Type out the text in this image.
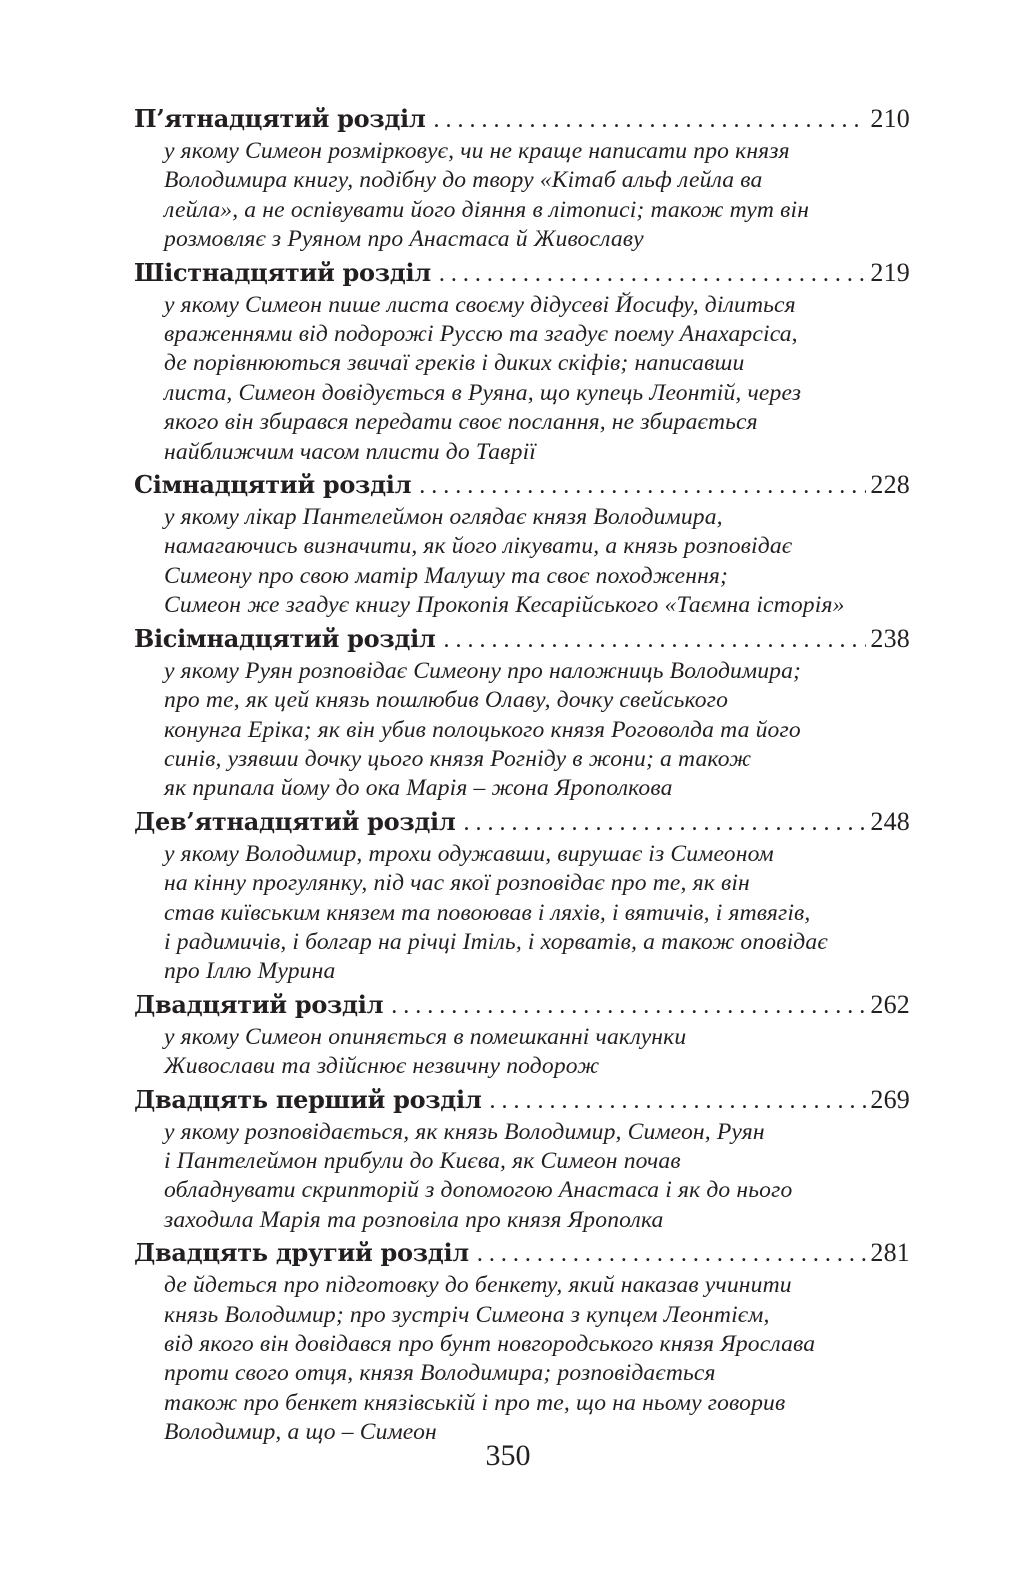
П’ятнадцятий розділ . . .	210
у якому Симеон розмірковує, чи не краще написати про князя
Володимира книгу, подібну до твору «Кітаб альф лейла ва
лейла», а не оспівувати його діяння в літописі; також тут він
розмовляє з Руяном про Анастаса й Живославу
Шістнадцятий розділ . . .	219
у якому Симеон пише листа своєму дідусеві Йосифу, ділиться
враженнями від подорожі Руссю та згадує поему Анахарсіса,
де порівнюються звичаї греків і диких скіфів; написавши
листа, Симеон довідується в Руяна, що купець Леонтій, через
якого він збирався передати своє послання, не збирається
найближчим часом плисти до Таврії
Сімнадцятий розділ . . .	228
у якому лікар Пантелеймон оглядає князя Володимира,
намагаючись визначити, як його лікувати, а князь розповідає
Симеону про свою матір Малушу та своє походження;
Симеон же згадує книгу Прокопія Кесарійського «Таємна історія»
Вісімнадцятий розділ . . .	238
у якому Руян розповідає Симеону про наложниць Володимира;
про те, як цей князь пошлюбив Олаву, дочку свейського
конунга Еріка; як він убив полоцького князя Роговолда та його
синів, узявши дочку цього князя Рогніду в жони; а також
як припала йому до ока Марія – жона Ярополкова
Дев’ятнадцятий розділ . . .	248
у якому Володимир, трохи одужавши, вирушає із Симеоном
на кінну прогулянку, під час якої розповідає про те, як він
став київським князем та повоював і ляхів, і вятичів, і ятвягів,
і радимичів, і болгар на річці Ітіль, і хорватів, а також оповідає
про Іллю Мурина
Двадцятий розділ . . .	262
у якому Симеон опиняється в помешканні чаклунки
Живослави та здійснює незвичну подорож
Двадцять перший розділ . . .	269
у якому розповідається, як князь Володимир, Симеон, Руян
і Пантелеймон прибули до Києва, як Симеон почав
обладнувати скрипторій з допомогою Анастаса і як до нього
заходила Марія та розповіла про князя Ярополка
Двадцять другий розділ . . .	281
де йдеться про підготовку до бенкету, який наказав учинити
князь Володимир; про зустріч Симеона з купцем Леонтієм,
від якого він довідався про бунт новгородського князя Ярослава
проти свого отця, князя Володимира; розповідається
також про бенкет князівській і про те, що на ньому говорив
Володимир, а що – Симеон
350
